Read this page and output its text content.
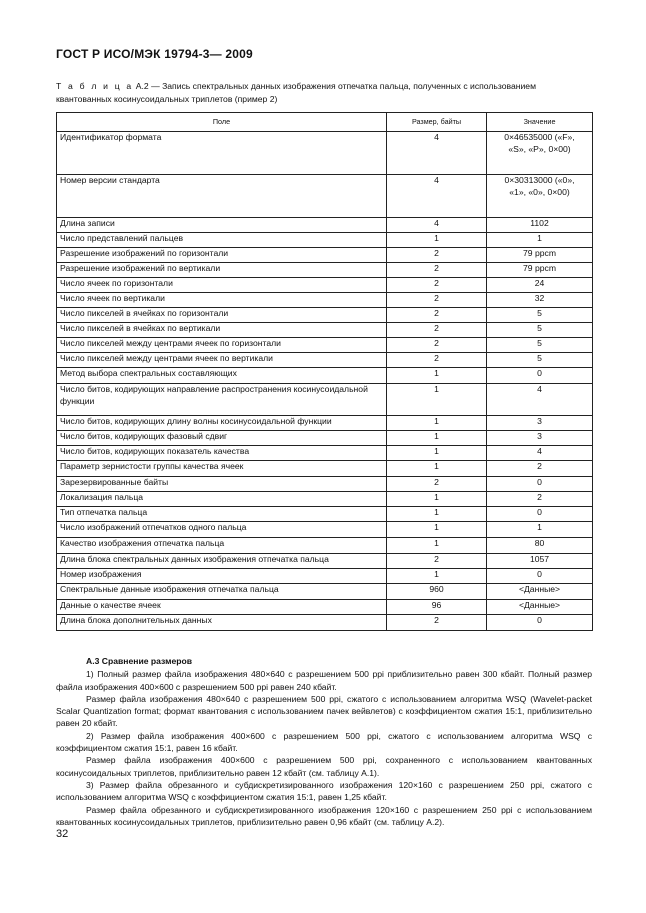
ГОСТ Р ИСО/МЭК 19794-3— 2009
Т а б л и ц а А.2 — Запись спектральных данных изображения отпечатка пальца, полученных с использованием квантованных косинусоидальных триплетов (пример 2)
Поле	Размер, байты	Значение
Идентификатор формата	4	0×46535000 («F», «S», «P», 0×00)
Номер версии стандарта	4	0×30313000 («0», «1», «0», 0×00)
Длина записи	4	1102
Число представлений пальцев	1	1
Разрешение изображений по горизонтали	2	79 ppcm
Разрешение изображений по вертикали	2	79 ppcm
Число ячеек по горизонтали	2	24
Число ячеек по вертикали	2	32
Число пикселей в ячейках по горизонтали	2	5
Число пикселей в ячейках по вертикали	2	5
Число пикселей между центрами ячеек по горизонтали	2	5
Число пикселей между центрами ячеек по вертикали	2	5
Метод выбора спектральных составляющих	1	0
Число битов, кодирующих направление распространения косинусоидальной функции	1	4
Число битов, кодирующих длину волны косинусоидальной функции	1	3
Число битов, кодирующих фазовый сдвиг	1	3
Число битов, кодирующих показатель качества	1	4
Параметр зернистости группы качества ячеек	1	2
Зарезервированные байты	2	0
Локализация пальца	1	2
Тип отпечатка пальца	1	0
Число изображений отпечатков одного пальца	1	1
Качество изображения отпечатка пальца	1	80
Длина блока спектральных данных изображения отпечатка пальца	2	1057
Номер изображения	1	0
Спектральные данные изображения отпечатка пальца	960	<Данные>
Данные о качестве ячеек	96	<Данные>
Длина блока дополнительных данных	2	0
А.3 Сравнение размеров

1) Полный размер файла изображения 480×640 с разрешением 500 ppi приблизительно равен 300 кбайт. Полный размер файла изображения 400×600 с разрешением 500 ppi равен 240 кбайт.

Размер файла изображения 480×640 с разрешением 500 ppi, сжатого с использованием алгоритма WSQ (Wavelet-packet Scalar Quantization format; формат квантования с использованием пачек вейвлетов) с коэффициентом сжатия 15:1, приблизительно равен 20 кбайт.

2) Размер файла изображения 400×600 с разрешением 500 ppi, сжатого с использованием алгоритма WSQ с коэффициентом сжатия 15:1, равен 16 кбайт.

Размер файла изображения 400×600 с разрешением 500 ppi, сохраненного с использованием квантованных косинусоидальных триплетов, приблизительно равен 12 кбайт (см. таблицу А.1).

3) Размер файла обрезанного и субдискретизированного изображения 120×160 с разрешением 250 ppi, сжатого с использованием алгоритма WSQ с коэффициентом сжатия 15:1, равен 1,25 кбайт.

Размер файла обрезанного и субдискретизированного изображения 120×160 с разрешением 250 ppi с использованием квантованных косинусоидальных триплетов, приблизительно равен 0,96 кбайт (см. таблицу А.2).

32
